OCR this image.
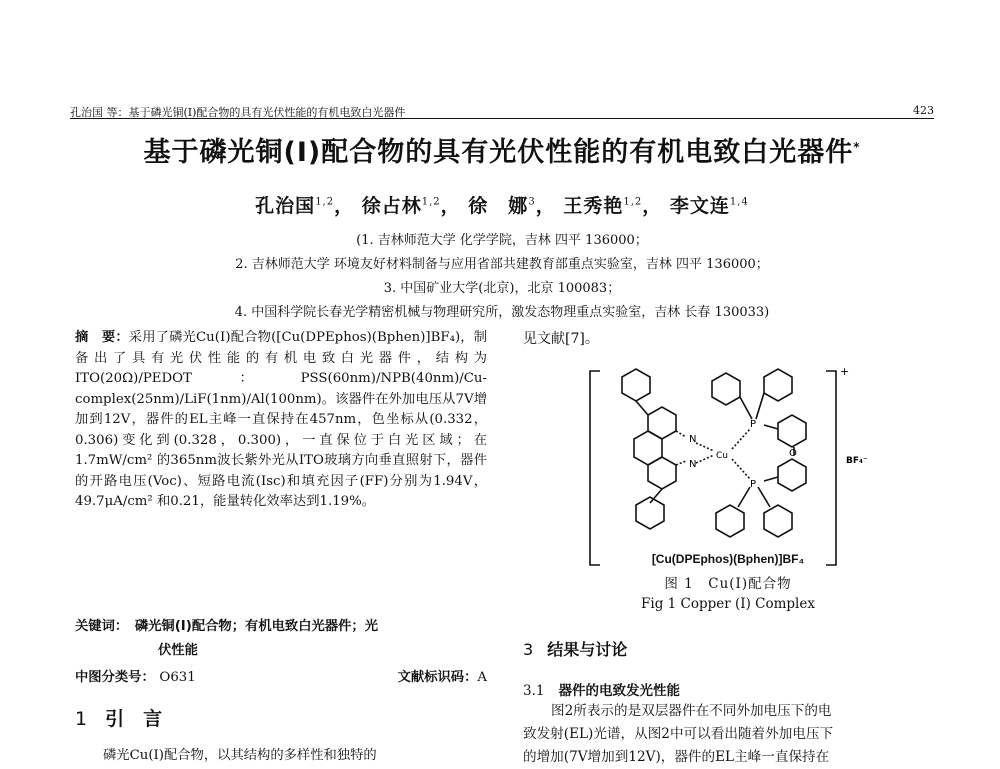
孔治国 等：基于磷光铜(Ⅰ)配合物的具有光伏性能的有机电致白光器件	423
基于磷光铜(Ⅰ)配合物的具有光伏性能的有机电致白光器件*
孔治国$^{1,2}$， 徐占林$^{1,2}$， 徐　娜$^3$， 王秀艳$^{1,2}$， 李文连$^{1,4}$
(1. 吉林师范大学 化学学院，吉林 四平 136000；
2. 吉林师范大学 环境友好材料制备与应用省部共建教育部重点实验室，吉林 四平 136000；
3. 中国矿业大学(北京)，北京 100083；
4. 中国科学院长春光学精密机械与物理研究所，激发态物理重点实验室，吉林 长春 130033)
摘　要：采用了磷光Cu(Ⅰ)配合物([Cu(DPEphos)(Bphen)]BF₄)，制备出了具有光伏性能的有机电致白光器件，结构为ITO(20Ω)/PEDOT：PSS(60nm)/NPB(40nm)/Cu-complex(25nm)/LiF(1nm)/Al(100nm)。该器件在外加电压从7V增加到12V，器件的EL主峰一直保持在457nm，色坐标从(0.332，0.306)变化到(0.328，0.300)，一直保位于白光区域；在1.7mW/cm² 的365nm波长紫外光从ITO玻璃方向垂直照射下，器件的开路电压(Voc)、短路电流(Isc)和填充因子(FF)分别为1.94V，49.7μA/cm² 和0.21，能量转化效率达到1.19%。
关键词：　 磷光铜(Ⅰ)配合物；有机电致白光器件；光
伏性能
中图分类号： O631	文献标识码：A
1 引　言
磷光Cu(Ⅰ)配合物，以其结构的多样性和独特的
见文献[7]。
N
N
Cu
P
P
O
+
BF₄⁻
[Cu(DPEphos)(Bphen)]BF₄
图 1　Cu(Ⅰ)配合物
Fig 1 Copper (Ⅰ) Complex
3 结果与讨论
3.1 器件的电致发光性能
图2所表示的是双层器件在不同外加电压下的电
致发射(EL)光谱，从图2中可以看出随着外加电压下
的增加(7V增加到12V)，器件的EL主峰一直保持在
